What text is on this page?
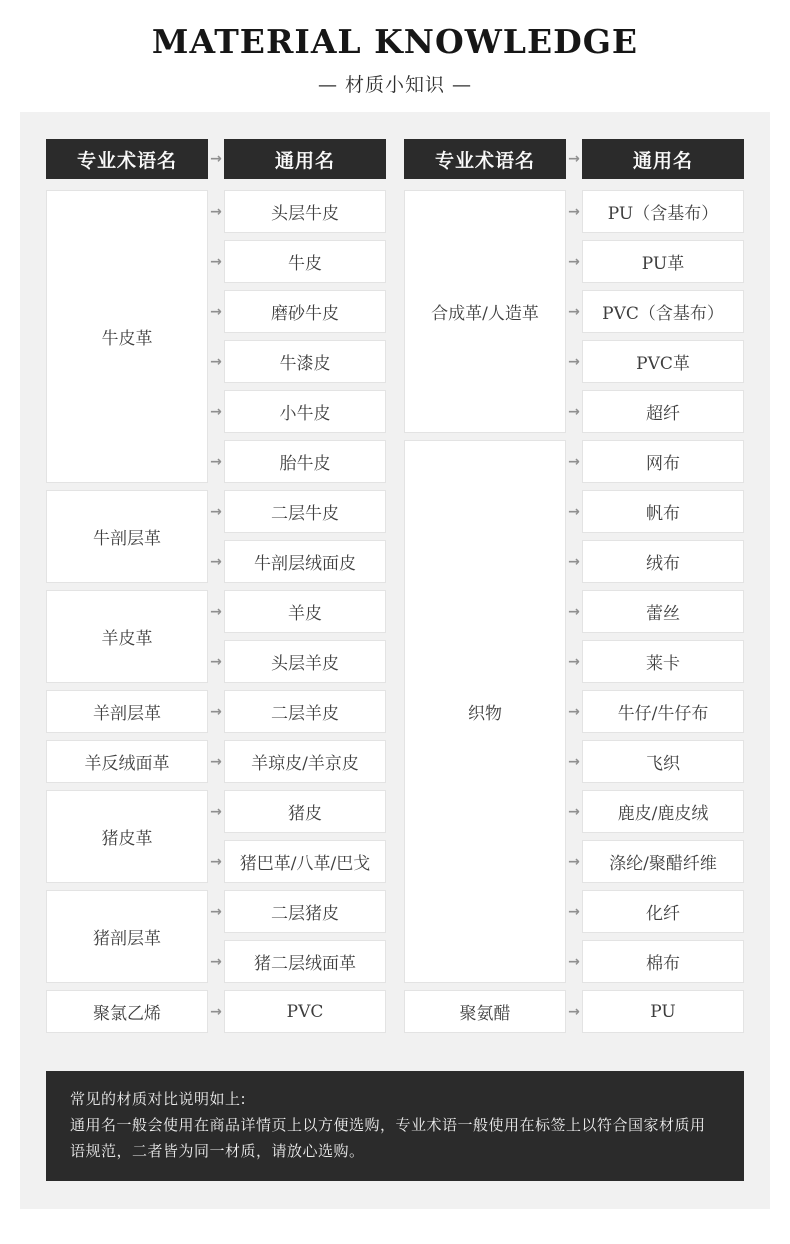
MATERIAL KNOWLEDGE
— 材质小知识 —
专业术语名	→	通用名
牛皮革
→	头层牛皮
→	牛皮
→	磨砂牛皮
→	牛漆皮
→	小牛皮
→	胎牛皮
牛剖层革
→	二层牛皮
→	牛剖层绒面皮
羊皮革
→	羊皮
→	头层羊皮
羊剖层革	→	二层羊皮
羊反绒面革	→	羊琼皮/羊京皮
猪皮革
→	猪皮
→	猪巴革/八革/巴戈
猪剖层革
→	二层猪皮
→	猪二层绒面革
聚氯乙烯	→	PVC
专业术语名	→	通用名
合成革/人造革
→	PU（含基布）
→	PU革
→	PVC（含基布）
→	PVC革
→	超纤
织物
→	网布
→	帆布
→	绒布
→	蕾丝
→	莱卡
→	牛仔/牛仔布
→	飞织
→	鹿皮/鹿皮绒
→	涤纶/聚醋纤维
→	化纤
→	棉布
聚氨醋	→	PU

常见的材质对比说明如上:

通用名一般会使用在商品详情页上以方便选购，专业术语一般使用在标签上以符合国家材质用语规范，二者皆为同一材质，请放心选购。
